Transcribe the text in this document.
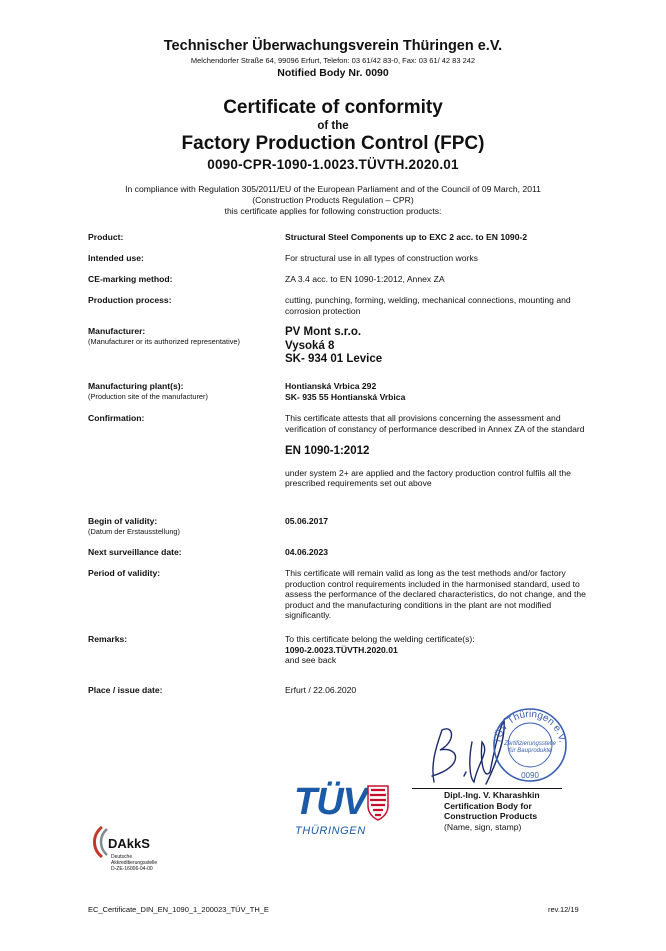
Technischer Überwachungsverein Thüringen e.V.
Melchendorfer Straße 64, 99096 Erfurt, Telefon: 03 61/42 83-0, Fax: 03 61/ 42 83 242
Notified Body Nr. 0090
Certificate of conformity
of the
Factory Production Control (FPC)
0090-CPR-1090-1.0023.TÜVTH.2020.01
In compliance with Regulation 305/2011/EU of the European Parliament and of the Council of 09 March, 2011
(Construction Products Regulation – CPR)
this certificate applies for following construction products:
Product:	Structural Steel Components up to EXC 2 acc. to EN 1090-2
Intended use:	For structural use in all types of construction works
CE-marking method:	ZA 3.4 acc. to EN 1090-1:2012, Annex ZA
Production process:	cutting, punching, forming, welding, mechanical connections, mounting and corrosion protection
Manufacturer:
(Manufacturer or its authorized representative)
PV Mont s.r.o.
Vysoká 8
SK- 934 01 Levice
Manufacturing plant(s):
(Production site of the manufacturer)
Hontianská Vrbica 292
SK- 935 55 Hontianská Vrbica
Confirmation:	This certificate attests that all provisions concerning the assessment and verification of constancy of performance described in Annex ZA of the standard
EN 1090-1:2012
under system 2+ are applied and the factory production control fulfils all the prescribed requirements set out above
Begin of validity:
(Datum der Erstausstellung)
05.06.2017
Next surveillance date:	04.06.2023
Period of validity:	This certificate will remain valid as long as the test methods and/or factory production control requirements included in the harmonised standard, used to assess the performance of the declared characteristics, do not change, and the product and the manufacturing conditions in the plant are not modified significantly.
Remarks:	To this certificate belong the welding certificate(s):
1090-2.0023.TÜVTH.2020.01
and see back
Place / issue date:	Erfurt / 22.06.2020
TÜV Thüringen e.V.
Zertifizierungsstelle
für Bauprodukte
0090
Dipl.-Ing. V. Kharashkin
Certification Body for
Construction Products
(Name, sign, stamp)
TÜV
THÜRINGEN
DAkkS
Deutsche
Akkreditierungsstelle
D-ZE-16006-04-00
EC_Certificate_DIN_EN_1090_1_200023_TÜV_TH_E	rev.12/19
